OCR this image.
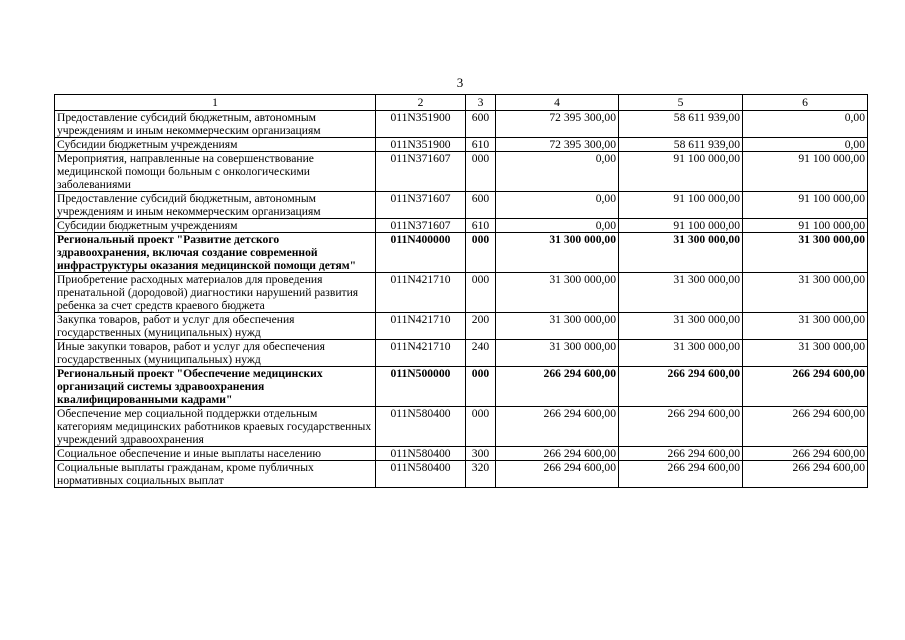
3
1	2	3	4	5	6
Предоставление субсидий бюджетным, автономным учреждениям и иным некоммерческим организациям	011N351900	600	72 395 300,00	58 611 939,00	0,00
Субсидии бюджетным учреждениям	011N351900	610	72 395 300,00	58 611 939,00	0,00
Мероприятия, направленные на совершенствование медицинской помощи больным с онкологическими заболеваниями	011N371607	000	0,00	91 100 000,00	91 100 000,00
Предоставление субсидий бюджетным, автономным учреждениям и иным некоммерческим организациям	011N371607	600	0,00	91 100 000,00	91 100 000,00
Субсидии бюджетным учреждениям	011N371607	610	0,00	91 100 000,00	91 100 000,00
Региональный проект "Развитие детского здравоохранения, включая создание современной инфраструктуры оказания медицинской помощи детям"	011N400000	000	31 300 000,00	31 300 000,00	31 300 000,00
Приобретение расходных материалов для проведения пренатальной (дородовой) диагностики нарушений развития ребенка за счет средств краевого бюджета	011N421710	000	31 300 000,00	31 300 000,00	31 300 000,00
Закупка товаров, работ и услуг для обеспечения государственных (муниципальных) нужд	011N421710	200	31 300 000,00	31 300 000,00	31 300 000,00
Иные закупки товаров, работ и услуг для обеспечения государственных (муниципальных) нужд	011N421710	240	31 300 000,00	31 300 000,00	31 300 000,00
Региональный проект "Обеспечение медицинских организаций системы здравоохранения квалифицированными кадрами"	011N500000	000	266 294 600,00	266 294 600,00	266 294 600,00
Обеспечение мер социальной поддержки отдельным категориям медицинских работников краевых государственных учреждений здравоохранения	011N580400	000	266 294 600,00	266 294 600,00	266 294 600,00
Социальное обеспечение и иные выплаты населению	011N580400	300	266 294 600,00	266 294 600,00	266 294 600,00
Социальные выплаты гражданам, кроме публичных нормативных социальных выплат	011N580400	320	266 294 600,00	266 294 600,00	266 294 600,00
